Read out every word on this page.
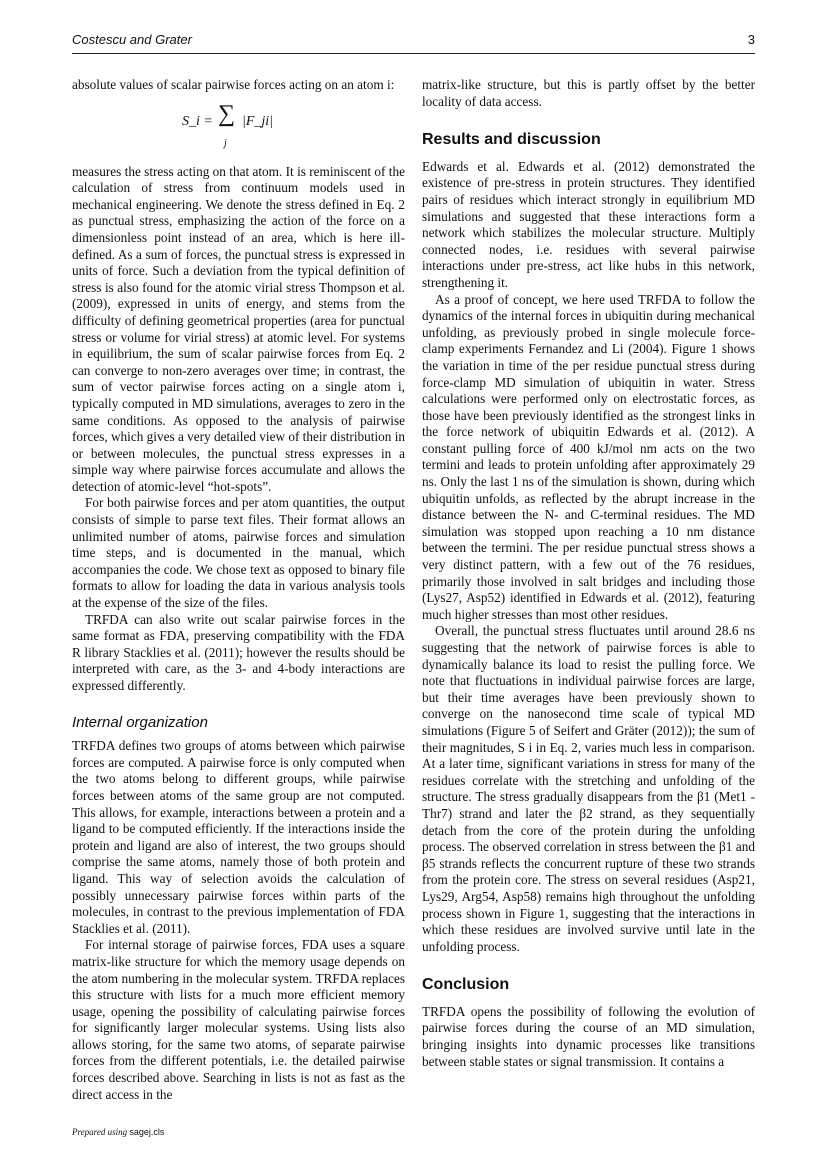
Costescu and Grater	3

absolute values of scalar pairwise forces acting on an atom i:

S_i = ∑
j
|F_ji|

measures the stress acting on that atom. It is reminiscent of the calculation of stress from continuum models used in mechanical engineering. We denote the stress defined in Eq. 2 as punctual stress, emphasizing the action of the force on a dimensionless point instead of an area, which is here ill-defined. As a sum of forces, the punctual stress is expressed in units of force. Such a deviation from the typical definition of stress is also found for the atomic virial stress Thompson et al. (2009), expressed in units of energy, and stems from the difficulty of defining geometrical properties (area for punctual stress or volume for virial stress) at atomic level. For systems in equilibrium, the sum of scalar pairwise forces from Eq. 2 can converge to non-zero averages over time; in contrast, the sum of vector pairwise forces acting on a single atom i, typically computed in MD simulations, averages to zero in the same conditions. As opposed to the analysis of pairwise forces, which gives a very detailed view of their distribution in or between molecules, the punctual stress expresses in a simple way where pairwise forces accumulate and allows the detection of atomic-level “hot-spots”.

For both pairwise forces and per atom quantities, the output consists of simple to parse text files. Their format allows an unlimited number of atoms, pairwise forces and simulation time steps, and is documented in the manual, which accompanies the code. We chose text as opposed to binary file formats to allow for loading the data in various analysis tools at the expense of the size of the files.

TRFDA can also write out scalar pairwise forces in the same format as FDA, preserving compatibility with the FDA R library Stacklies et al. (2011); however the results should be interpreted with care, as the 3- and 4-body interactions are expressed differently.

Internal organization

TRFDA defines two groups of atoms between which pairwise forces are computed. A pairwise force is only computed when the two atoms belong to different groups, while pairwise forces between atoms of the same group are not computed. This allows, for example, interactions between a protein and a ligand to be computed efficiently. If the interactions inside the protein and ligand are also of interest, the two groups should comprise the same atoms, namely those of both protein and ligand. This way of selection avoids the calculation of possibly unnecessary pairwise forces within parts of the molecules, in contrast to the previous implementation of FDA Stacklies et al. (2011).

For internal storage of pairwise forces, FDA uses a square matrix-like structure for which the memory usage depends on the atom numbering in the molecular system. TRFDA replaces this structure with lists for a much more efficient memory usage, opening the possibility of calculating pairwise forces for significantly larger molecular systems. Using lists also allows storing, for the same two atoms, of separate pairwise forces from the different potentials, i.e. the detailed pairwise forces described above. Searching in lists is not as fast as the direct access in the

matrix-like structure, but this is partly offset by the better locality of data access.

Results and discussion

Edwards et al. Edwards et al. (2012) demonstrated the existence of pre-stress in protein structures. They identified pairs of residues which interact strongly in equilibrium MD simulations and suggested that these interactions form a network which stabilizes the molecular structure. Multiply connected nodes, i.e. residues with several pairwise interactions under pre-stress, act like hubs in this network, strengthening it.

As a proof of concept, we here used TRFDA to follow the dynamics of the internal forces in ubiquitin during mechanical unfolding, as previously probed in single molecule force-clamp experiments Fernandez and Li (2004). Figure 1 shows the variation in time of the per residue punctual stress during force-clamp MD simulation of ubiquitin in water. Stress calculations were performed only on electrostatic forces, as those have been previously identified as the strongest links in the force network of ubiquitin Edwards et al. (2012). A constant pulling force of 400 kJ/mol nm acts on the two termini and leads to protein unfolding after approximately 29 ns. Only the last 1 ns of the simulation is shown, during which ubiquitin unfolds, as reflected by the abrupt increase in the distance between the N- and C-terminal residues. The MD simulation was stopped upon reaching a 10 nm distance between the termini. The per residue punctual stress shows a very distinct pattern, with a few out of the 76 residues, primarily those involved in salt bridges and including those (Lys27, Asp52) identified in Edwards et al. (2012), featuring much higher stresses than most other residues.

Overall, the punctual stress fluctuates until around 28.6 ns suggesting that the network of pairwise forces is able to dynamically balance its load to resist the pulling force. We note that fluctuations in individual pairwise forces are large, but their time averages have been previously shown to converge on the nanosecond time scale of typical MD simulations (Figure 5 of Seifert and Gräter (2012)); the sum of their magnitudes, S i in Eq. 2, varies much less in comparison. At a later time, significant variations in stress for many of the residues correlate with the stretching and unfolding of the structure. The stress gradually disappears from the β1 (Met1 - Thr7) strand and later the β2 strand, as they sequentially detach from the core of the protein during the unfolding process. The observed correlation in stress between the β1 and β5 strands reflects the concurrent rupture of these two strands from the protein core. The stress on several residues (Asp21, Lys29, Arg54, Asp58) remains high throughout the unfolding process shown in Figure 1, suggesting that the interactions in which these residues are involved survive until late in the unfolding process.

Conclusion

TRFDA opens the possibility of following the evolution of pairwise forces during the course of an MD simulation, bringing insights into dynamic processes like transitions between stable states or signal transmission. It contains a

Prepared using sagej.cls
